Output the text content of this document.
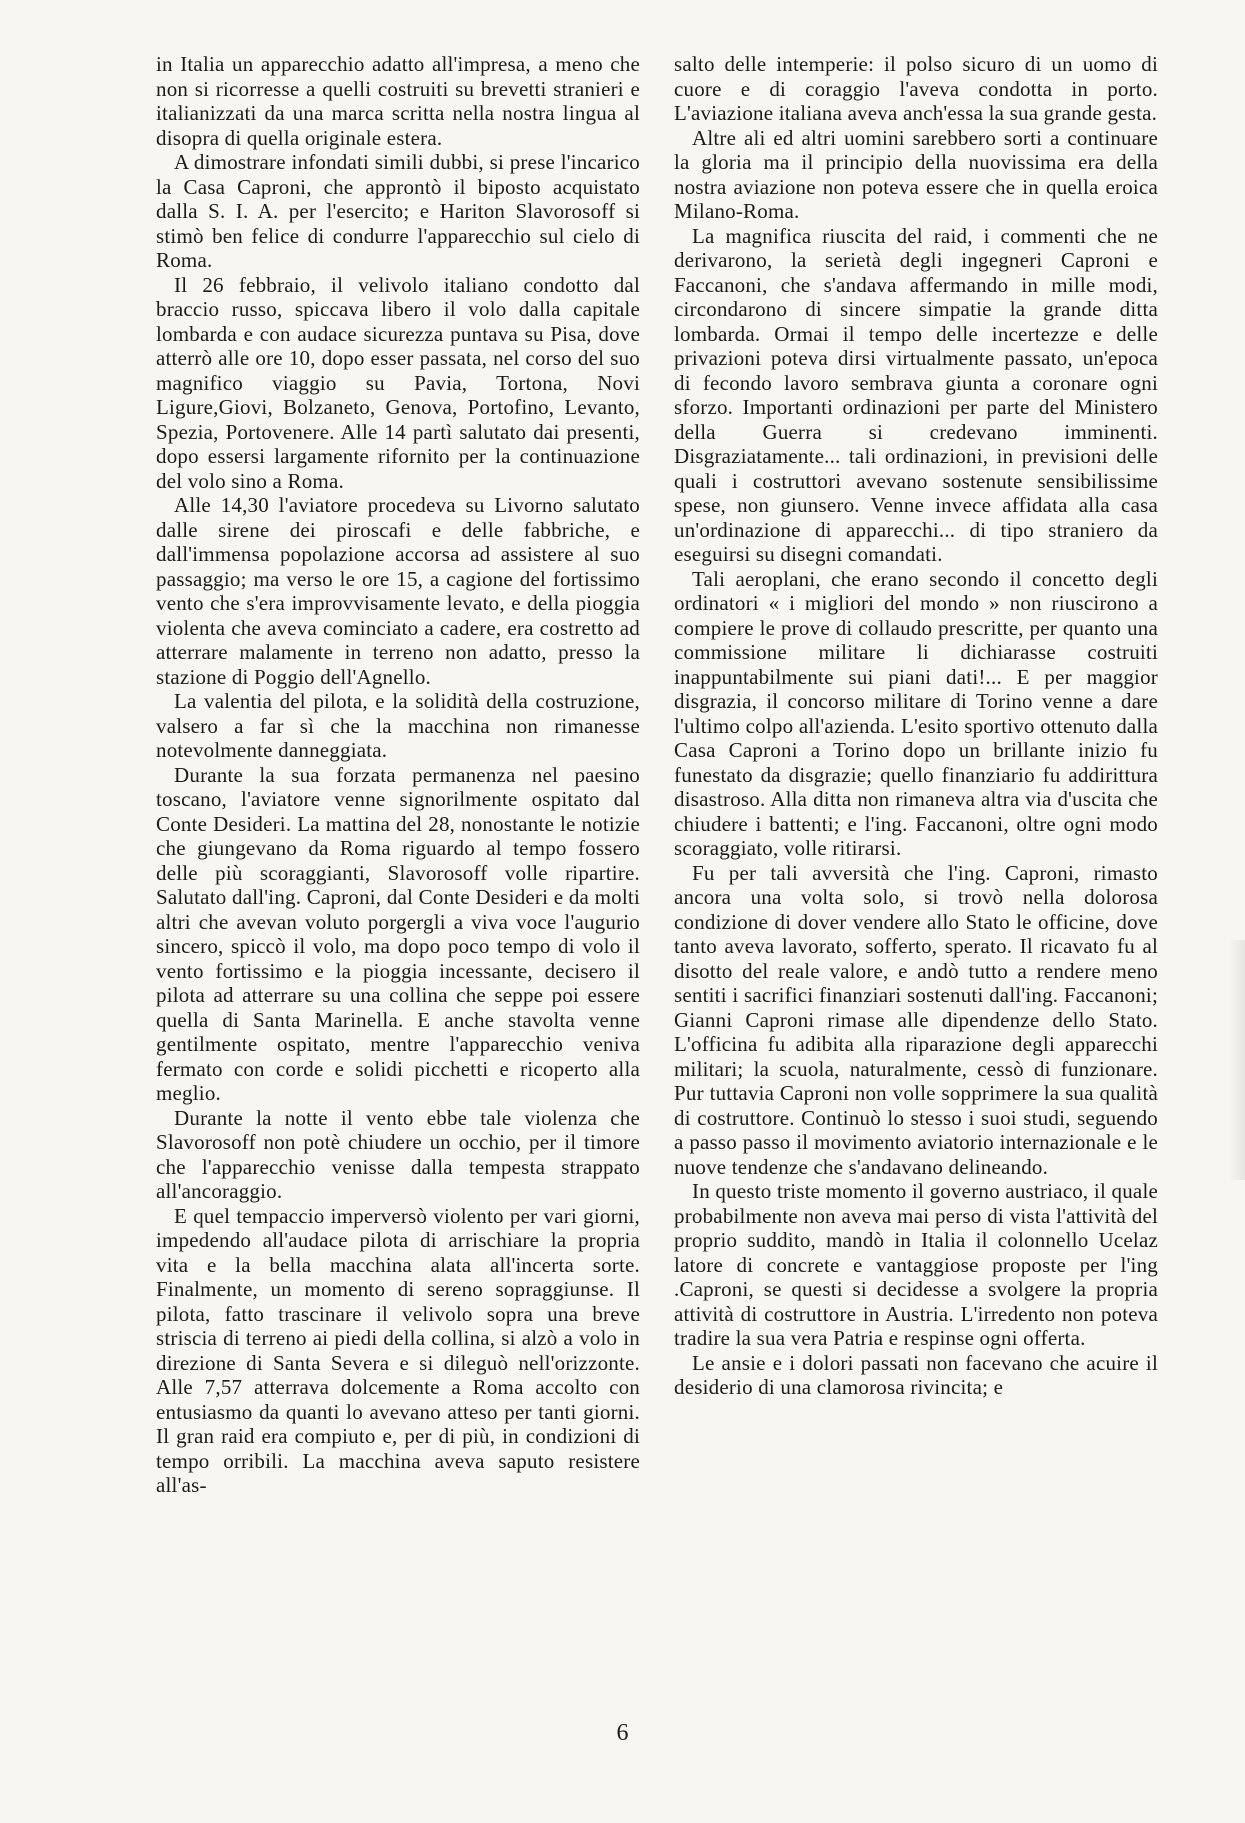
in Italia un apparecchio adatto all'impresa, a meno che non si ricorresse a quelli costruiti su brevetti stranieri e italianizzati da una marca scritta nella nostra lingua al disopra di quella originale estera.

A dimostrare infondati simili dubbi, si prese l'incarico la Casa Caproni, che approntò il biposto acquistato dalla S. I. A. per l'esercito; e Hariton Slavorosoff si stimò ben felice di condurre l'apparecchio sul cielo di Roma.

Il 26 febbraio, il velivolo italiano condotto dal braccio russo, spiccava libero il volo dalla capitale lombarda e con audace sicurezza puntava su Pisa, dove atterrò alle ore 10, dopo esser passata, nel corso del suo magnifico viaggio su Pavia, Tortona, Novi Ligure,Giovi, Bolzaneto, Genova, Portofino, Levanto, Spezia, Portovenere. Alle 14 partì salutato dai presenti, dopo essersi largamente rifornito per la continuazione del volo sino a Roma.

Alle 14,30 l'aviatore procedeva su Livorno salutato dalle sirene dei piroscafi e delle fabbriche, e dall'immensa popolazione accorsa ad assistere al suo passaggio; ma verso le ore 15, a cagione del fortissimo vento che s'era improvvisamente levato, e della pioggia violenta che aveva cominciato a cadere, era costretto ad atterrare malamente in terreno non adatto, presso la stazione di Poggio dell'Agnello.

La valentia del pilota, e la solidità della costruzione, valsero a far sì che la macchina non rimanesse notevolmente danneggiata.

Durante la sua forzata permanenza nel paesino toscano, l'aviatore venne signorilmente ospitato dal Conte Desideri. La mattina del 28, nonostante le notizie che giungevano da Roma riguardo al tempo fossero delle più scoraggianti, Slavorosoff volle ripartire. Salutato dall'ing. Caproni, dal Conte Desideri e da molti altri che avevan voluto porgergli a viva voce l'augurio sincero, spiccò il volo, ma dopo poco tempo di volo il vento fortissimo e la pioggia incessante, decisero il pilota ad atterrare su una collina che seppe poi essere quella di Santa Marinella. E anche stavolta venne gentilmente ospitato, mentre l'apparecchio veniva fermato con corde e solidi picchetti e ricoperto alla meglio.

Durante la notte il vento ebbe tale violenza che Slavorosoff non potè chiudere un occhio, per il timore che l'apparecchio venisse dalla tempesta strappato all'ancoraggio.

E quel tempaccio imperversò violento per vari giorni, impedendo all'audace pilota di arrischiare la propria vita e la bella macchina alata all'incerta sorte. Finalmente, un momento di sereno sopraggiunse. Il pilota, fatto trascinare il velivolo sopra una breve striscia di terreno ai piedi della collina, si alzò a volo in direzione di Santa Severa e si dileguò nell'orizzonte. Alle 7,57 atterrava dolcemente a Roma accolto con entusiasmo da quanti lo avevano atteso per tanti giorni. Il gran raid era compiuto e, per di più, in condizioni di tempo orribili. La macchina aveva saputo resistere all'as-

salto delle intemperie: il polso sicuro di un uomo di cuore e di coraggio l'aveva condotta in porto. L'aviazione italiana aveva anch'essa la sua grande gesta.

Altre ali ed altri uomini sarebbero sorti a continuare la gloria ma il principio della nuovissima era della nostra aviazione non poteva essere che in quella eroica Milano-Roma.

La magnifica riuscita del raid, i commenti che ne derivarono, la serietà degli ingegneri Caproni e Faccanoni, che s'andava affermando in mille modi, circondarono di sincere simpatie la grande ditta lombarda. Ormai il tempo delle incertezze e delle privazioni poteva dirsi virtualmente passato, un'epoca di fecondo lavoro sembrava giunta a coronare ogni sforzo. Importanti ordinazioni per parte del Ministero della Guerra si credevano imminenti. Disgraziatamente... tali ordinazioni, in previsioni delle quali i costruttori avevano sostenute sensibilissime spese, non giunsero. Venne invece affidata alla casa un'ordinazione di apparecchi... di tipo straniero da eseguirsi su disegni comandati.

Tali aeroplani, che erano secondo il concetto degli ordinatori « i migliori del mondo » non riuscirono a compiere le prove di collaudo prescritte, per quanto una commissione militare li dichiarasse costruiti inappuntabilmente sui piani dati!... E per maggior disgrazia, il concorso militare di Torino venne a dare l'ultimo colpo all'azienda. L'esito sportivo ottenuto dalla Casa Caproni a Torino dopo un brillante inizio fu funestato da disgrazie; quello finanziario fu addirittura disastroso. Alla ditta non rimaneva altra via d'uscita che chiudere i battenti; e l'ing. Faccanoni, oltre ogni modo scoraggiato, volle ritirarsi.

Fu per tali avversità che l'ing. Caproni, rimasto ancora una volta solo, si trovò nella dolorosa condizione di dover vendere allo Stato le officine, dove tanto aveva lavorato, sofferto, sperato. Il ricavato fu al disotto del reale valore, e andò tutto a rendere meno sentiti i sacrifici finanziari sostenuti dall'ing. Faccanoni; Gianni Caproni rimase alle dipendenze dello Stato. L'officina fu adibita alla riparazione degli apparecchi militari; la scuola, naturalmente, cessò di funzionare. Pur tuttavia Caproni non volle sopprimere la sua qualità di costruttore. Continuò lo stesso i suoi studi, seguendo a passo passo il movimento aviatorio internazionale e le nuove tendenze che s'andavano delineando.

In questo triste momento il governo austriaco, il quale probabilmente non aveva mai perso di vista l'attività del proprio suddito, mandò in Italia il colonnello Ucelaz latore di concrete e vantaggiose proposte per l'ing .Caproni, se questi si decidesse a svolgere la propria attività di costruttore in Austria. L'irredento non poteva tradire la sua vera Patria e respinse ogni offerta.

Le ansie e i dolori passati non facevano che acuire il desiderio di una clamorosa rivincita; e

6
